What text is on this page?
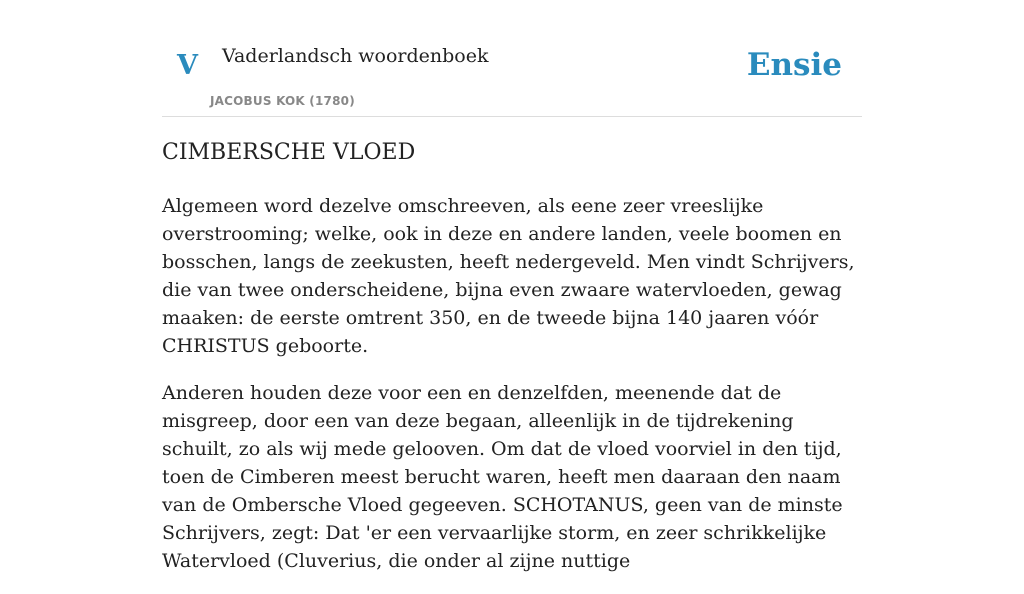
V Vaderlandsch woordenboek
JACOBUS KOK (1780)
Ensie
CIMBERSCHE VLOED

Algemeen word dezelve omschreeven, als eene zeer vreeslijke overstrooming; welke, ook in deze en andere landen, veele boomen en bosschen, langs de zeekusten, heeft nedergeveld. Men vindt Schrijvers, die van twee onderscheidene, bijna even zwaare watervloeden, gewag maaken: de eerste omtrent 350, en de tweede bijna 140 jaaren vóór CHRISTUS geboorte.

Anderen houden deze voor een en denzelfden, meenende dat de misgreep, door een van deze begaan, alleenlijk in de tijdrekening schuilt, zo als wij mede gelooven. Om dat de vloed voorviel in den tijd, toen de Cimberen meest berucht waren, heeft men daaraan den naam van de Ombersche Vloed gegeeven. SCHOTANUS, geen van de minste Schrijvers, zegt: Dat 'er een vervaarlijke storm, en zeer schrikkelijke Watervloed (Cluverius, die onder al zijne nuttige
